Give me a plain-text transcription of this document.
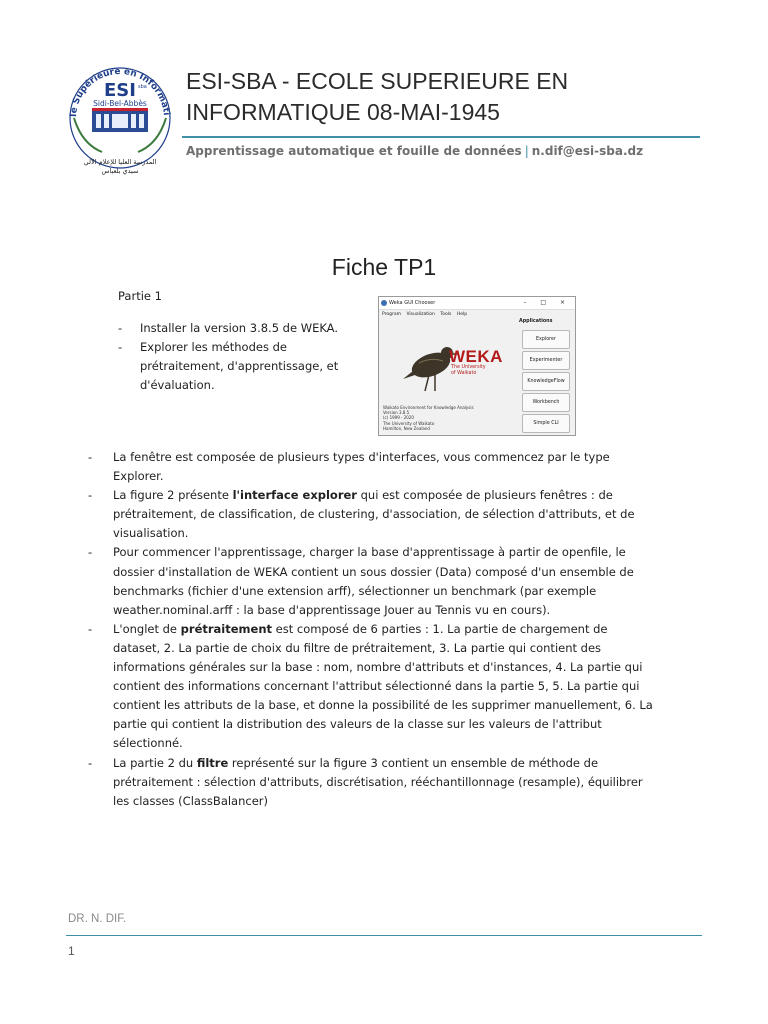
le Supérieure en Informati
ESI sba
Sidi-Bel-Abbès
المدرسة العليا للإعلام الآلي
سيدي بلعباس
ESI-SBA - ECOLE SUPERIEURE EN
INFORMATIQUE 08-MAI-1945
Apprentissage automatique et fouille de données | n.dif@esi-sba.dz
Fiche TP1
Partie 1
- Installer la version 3.8.5 de WEKA.
- Explorer les méthodes de prétraitement, d'apprentissage, et d'évaluation.
Weka GUI Chooser	– □ ×
Program Visualization Tools Help
Applications
Explorer
Experimenter
KnowledgeFlow
Workbench
Simple CLI
WEKA
The University
of Waikato
Waikato Environment for Knowledge Analysis
Version 3.8.5
(c) 1999 - 2020
The University of Waikato
Hamilton, New Zealand
- La fenêtre est composée de plusieurs types d'interfaces, vous commencez par le type Explorer.
- La figure 2 présente l'interface explorer qui est composée de plusieurs fenêtres : de prétraitement, de classification, de clustering, d'association, de sélection d'attributs, et de visualisation.
- Pour commencer l'apprentissage, charger la base d'apprentissage à partir de openfile, le dossier d'installation de WEKA contient un sous dossier (Data) composé d'un ensemble de benchmarks (fichier d'une extension arff), sélectionner un benchmark (par exemple weather.nominal.arff : la base d'apprentissage Jouer au Tennis vu en cours).
- L'onglet de prétraitement est composé de 6 parties : 1. La partie de chargement de dataset, 2. La partie de choix du filtre de prétraitement, 3. La partie qui contient des informations générales sur la base : nom, nombre d'attributs et d'instances, 4. La partie qui contient des informations concernant l'attribut sélectionné dans la partie 5, 5. La partie qui contient les attributs de la base, et donne la possibilité de les supprimer manuellement, 6. La partie qui contient la distribution des valeurs de la classe sur les valeurs de l'attribut sélectionné.
- La partie 2 du filtre représenté sur la figure 3 contient un ensemble de méthode de prétraitement : sélection d'attributs, discrétisation, rééchantillonnage (resample), équilibrer les classes (ClassBalancer)
DR. N. DIF.
1
